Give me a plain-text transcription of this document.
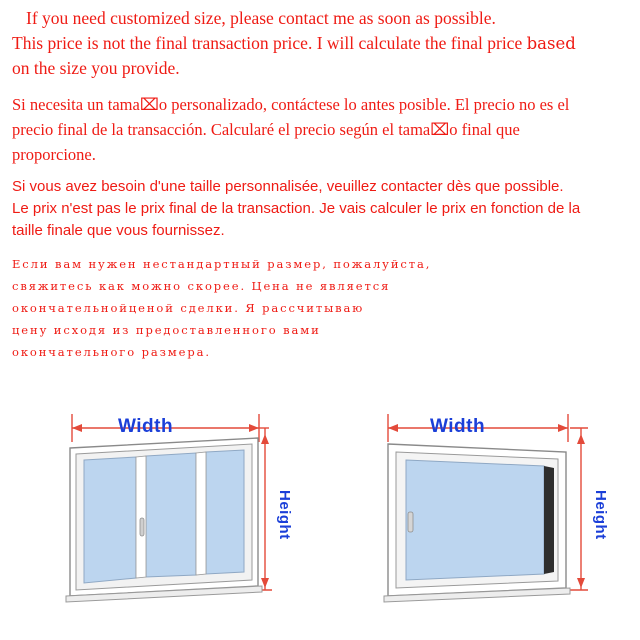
If you need customized size, please contact me as soon as possible.
This price is not the final transaction price. I will calculate the final price based
on the size you provide.
Si necesita un tama⌧o personalizado, contáctese lo antes posible. El precio no es el
precio final de la transacción. Calcularé el precio según el tama⌧o final que
proporcione.
Si vous avez besoin d'une taille personnalisée, veuillez contacter dès que possible.
Le prix n'est pas le prix final de la transaction. Je vais calculer le prix en fonction de la
taille finale que vous fournissez.
Если вам нужен нестандартный размер, пожалуйста,
свяжитесь как можно скорее. Цена не является
окончательнойценой сделки. Я рассчитываю
цену исходя из предоставленного вами
окончательного размера.
Width
Height
Width
Height
